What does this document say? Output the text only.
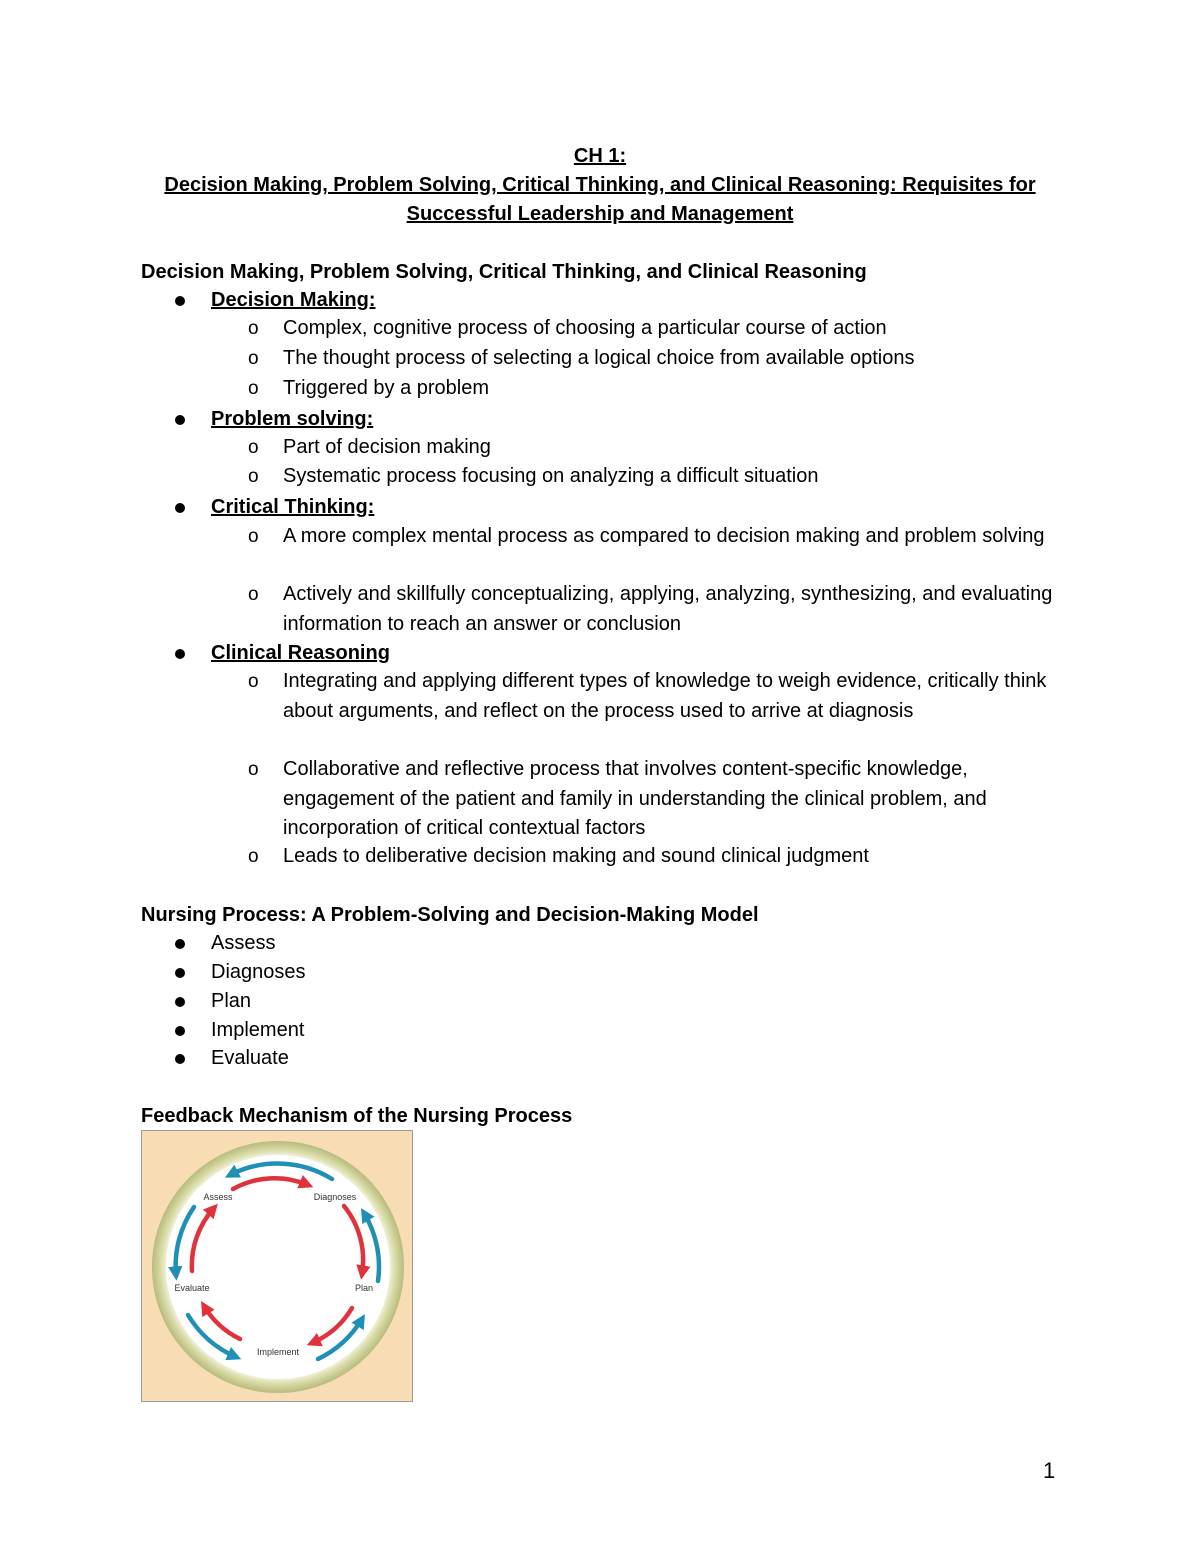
CH 1:
Decision Making, Problem Solving, Critical Thinking, and Clinical Reasoning: Requisites for
Successful Leadership and Management
Decision Making, Problem Solving, Critical Thinking, and Clinical Reasoning
Decision Making:
o Complex, cognitive process of choosing a particular course of action
o The thought process of selecting a logical choice from available options
o Triggered by a problem
Problem solving:
o Part of decision making
o Systematic process focusing on analyzing a difficult situation
Critical Thinking:
o A more complex mental process as compared to decision making and problem solving
o Actively and skillfully conceptualizing, applying, analyzing, synthesizing, and evaluating information to reach an answer or conclusion
Clinical Reasoning
o Integrating and applying different types of knowledge to weigh evidence, critically think about arguments, and reflect on the process used to arrive at diagnosis
o Collaborative and reflective process that involves content-specific knowledge, engagement of the patient and family in understanding the clinical problem, and incorporation of critical contextual factors
o Leads to deliberative decision making and sound clinical judgment
Nursing Process: A Problem-Solving and Decision-Making Model
Assess
Diagnoses
Plan
Implement
Evaluate
Feedback Mechanism of the Nursing Process
Assess	Diagnoses
Plan
Implement
Evaluate
1
